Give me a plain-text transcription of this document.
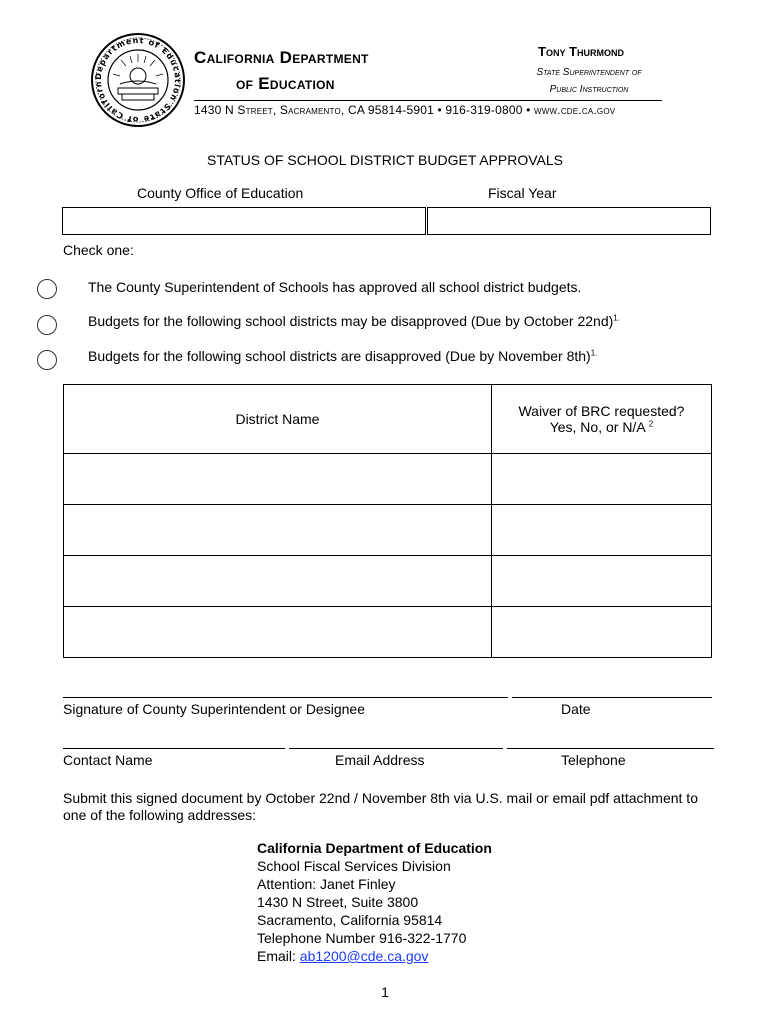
Department of Education State of Californ
California Department
of Education
Tony Thurmond
State Superintendent of
Public Instruction
1430 N Street, Sacramento, CA 95814-5901 • 916-319-0800 • www.cde.ca.gov
STATUS OF SCHOOL DISTRICT BUDGET APPROVALS
County Office of Education	Fiscal Year
Check one:
The County Superintendent of Schools has approved all school district budgets.
Budgets for the following school districts may be disapproved (Due by October 22nd)$^{1.}$
Budgets for the following school districts are disapproved (Due by November 8th)$^{1.}$
District Name	Waiver of BRC requested?
Yes, No, or N/A $^2$

Signature of County Superintendent or Designee	Date
Contact Name	Email Address	Telephone
Submit this signed document by October 22nd / November 8th via U.S. mail or email pdf attachment to one of the following addresses:
California Department of Education
School Fiscal Services Division
Attention: Janet Finley
1430 N Street, Suite 3800
Sacramento, California 95814
Telephone Number 916-322-1770
Email: ab1200@cde.ca.gov
1
